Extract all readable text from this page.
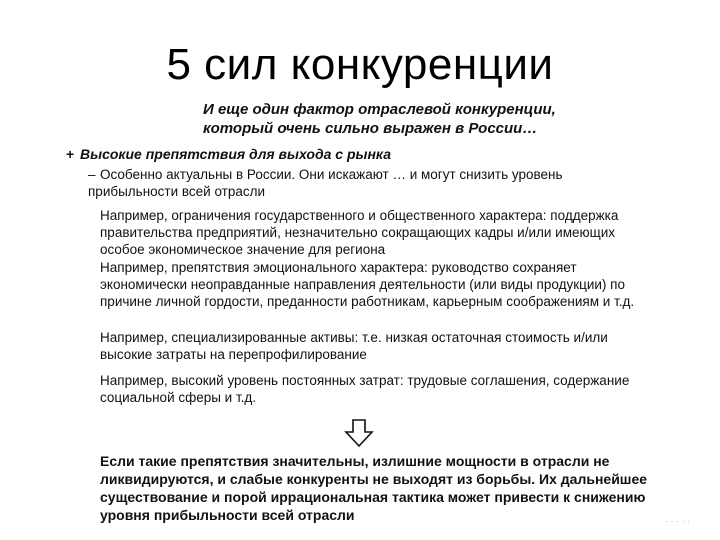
5 сил конкуренции
И еще один фактор отраслевой конкуренции, который очень сильно выражен в России…
+ Высокие препятствия для выхода с рынка
– Особенно актуальны в России. Они искажают … и могут снизить уровень прибыльности всей отрасли
Например, ограничения государственного и общественного характера: поддержка правительства предприятий, незначительно сокращающих кадры и/или имеющих особое экономическое значение для региона
Например, препятствия эмоционального характера: руководство сохраняет экономически неоправданные направления деятельности (или виды продукции) по причине личной гордости, преданности работникам, карьерным соображениям и т.д.
Например, специализированные активы: т.е. низкая остаточная стоимость и/или высокие затраты на перепрофилирование
Например, высокий уровень постоянных затрат: трудовые соглашения, содержание социальной сферы и т.д.
Если такие препятствия значительны, излишние мощности в отрасли не ликвидируются, и слабые конкуренты не выходят из борьбы. Их дальнейшее существование и порой иррациональная тактика может привести к снижению уровня прибыльности всей отрасли	· · · · ·
